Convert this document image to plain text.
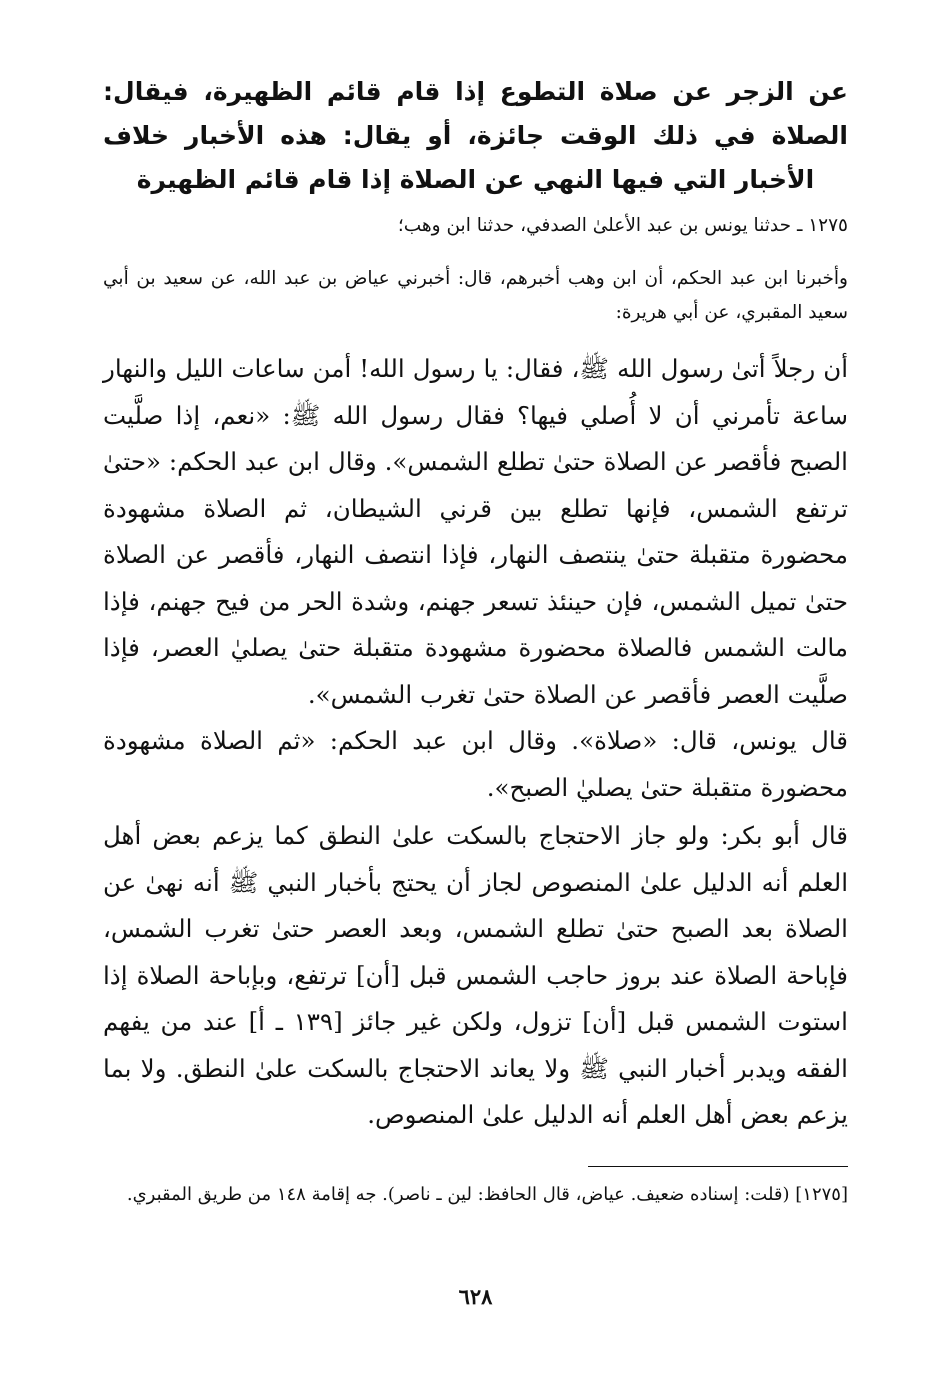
عن الزجر عن صلاة التطوع إذا قام قائم الظهيرة، فيقال: الصلاة في ذلك الوقت جائزة، أو يقال: هذه الأخبار خلاف الأخبار التي فيها النهي عن الصلاة إذا قام قائم الظهيرة
١٢٧٥ ـ حدثنا يونس بن عبد الأعلىٰ الصدفي، حدثنا ابن وهب؛
وأخبرنا ابن عبد الحكم، أن ابن وهب أخبرهم، قال: أخبرني عياض بن عبد الله، عن سعيد بن أبي سعيد المقبري، عن أبي هريرة:
أن رجلاً أتىٰ رسول الله ﷺ، فقال: يا رسول الله! أمن ساعات الليل والنهار ساعة تأمرني أن لا أُصلي فيها؟ فقال رسول الله ﷺ: «نعم، إذا صلَّيت الصبح فأقصر عن الصلاة حتىٰ تطلع الشمس». وقال ابن عبد الحكم: «حتىٰ ترتفع الشمس، فإنها تطلع بين قرني الشيطان، ثم الصلاة مشهودة محضورة متقبلة حتىٰ ينتصف النهار، فإذا انتصف النهار، فأقصر عن الصلاة حتىٰ تميل الشمس، فإن حينئذ تسعر جهنم، وشدة الحر من فيح جهنم، فإذا مالت الشمس فالصلاة محضورة مشهودة متقبلة حتىٰ يصليٰ العصر، فإذا صلَّيت العصر فأقصر عن الصلاة حتىٰ تغرب الشمس».
قال يونس، قال: «صلاة». وقال ابن عبد الحكم: «ثم الصلاة مشهودة محضورة متقبلة حتىٰ يصليٰ الصبح».
قال أبو بكر: ولو جاز الاحتجاج بالسكت علىٰ النطق كما يزعم بعض أهل العلم أنه الدليل علىٰ المنصوص لجاز أن يحتج بأخبار النبي ﷺ أنه نهىٰ عن الصلاة بعد الصبح حتىٰ تطلع الشمس، وبعد العصر حتىٰ تغرب الشمس، فإباحة الصلاة عند بروز حاجب الشمس قبل [أن] ترتفع، وبإباحة الصلاة إذا استوت الشمس قبل [أن] تزول، ولكن غير جائز [١٣٩ ـ أ] عند من يفهم الفقه ويدبر أخبار النبي ﷺ ولا يعاند الاحتجاج بالسكت علىٰ النطق. ولا بما يزعم بعض أهل العلم أنه الدليل علىٰ المنصوص.
[١٢٧٥] (قلت: إسناده ضعيف. عياض، قال الحافظ: لين ـ ناصر). جه إقامة ١٤٨ من طريق المقبري.
٦٢٨
